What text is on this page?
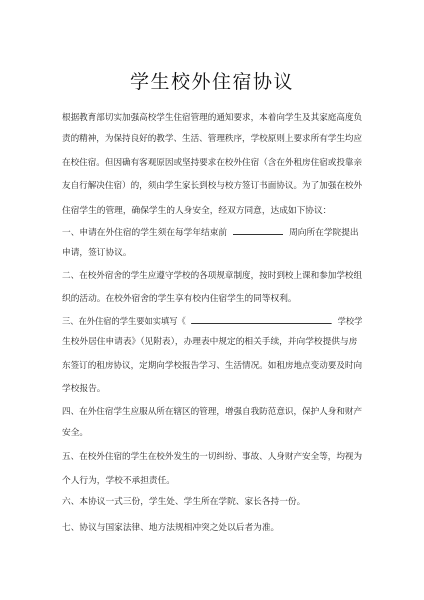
学生校外住宿协议
根据教育部切实加强高校学生住宿管理的通知要求，本着向学生及其家庭高度负
责的精神，为保持良好的教学、生活、管理秩序，学校原则上要求所有学生均应
在校住宿。但因确有客观原因或坚持要求在校外住宿（含在外租房住宿或投靠亲
友自行解决住宿）的，须由学生家长到校与校方签订书面协议。为了加强在校外
住宿学生的管理，确保学生的人身安全，经双方同意，达成如下协议：
一、申请在外住宿的学生须在每学年结束前	周向所在学院提出
申请，签订协议。
二、在校外宿舍的学生应遵守学校的各项规章制度，按时到校上课和参加学校组
织的活动。在校外宿舍的学生享有校内住宿学生的同等权利。
三、在外住宿的学生要如实填写《	学校学
生校外居住申请表》（见附表），办理表中规定的相关手续，并向学校提供与房
东签订的租房协议，定期向学校报告学习、生活情况。如租房地点变动要及时向
学校报告。
四、在外住宿学生应服从所在辖区的管理，增强自我防范意识，保护人身和财产
安全。
五、在校外住宿的学生在校外发生的一切纠纷、事故、人身财产安全等，均视为
个人行为，学校不承担责任。
六、本协议一式三份，学生处、学生所在学院、家长各持一份。
七、协议与国家法律、地方法规相冲突之处以后者为准。
